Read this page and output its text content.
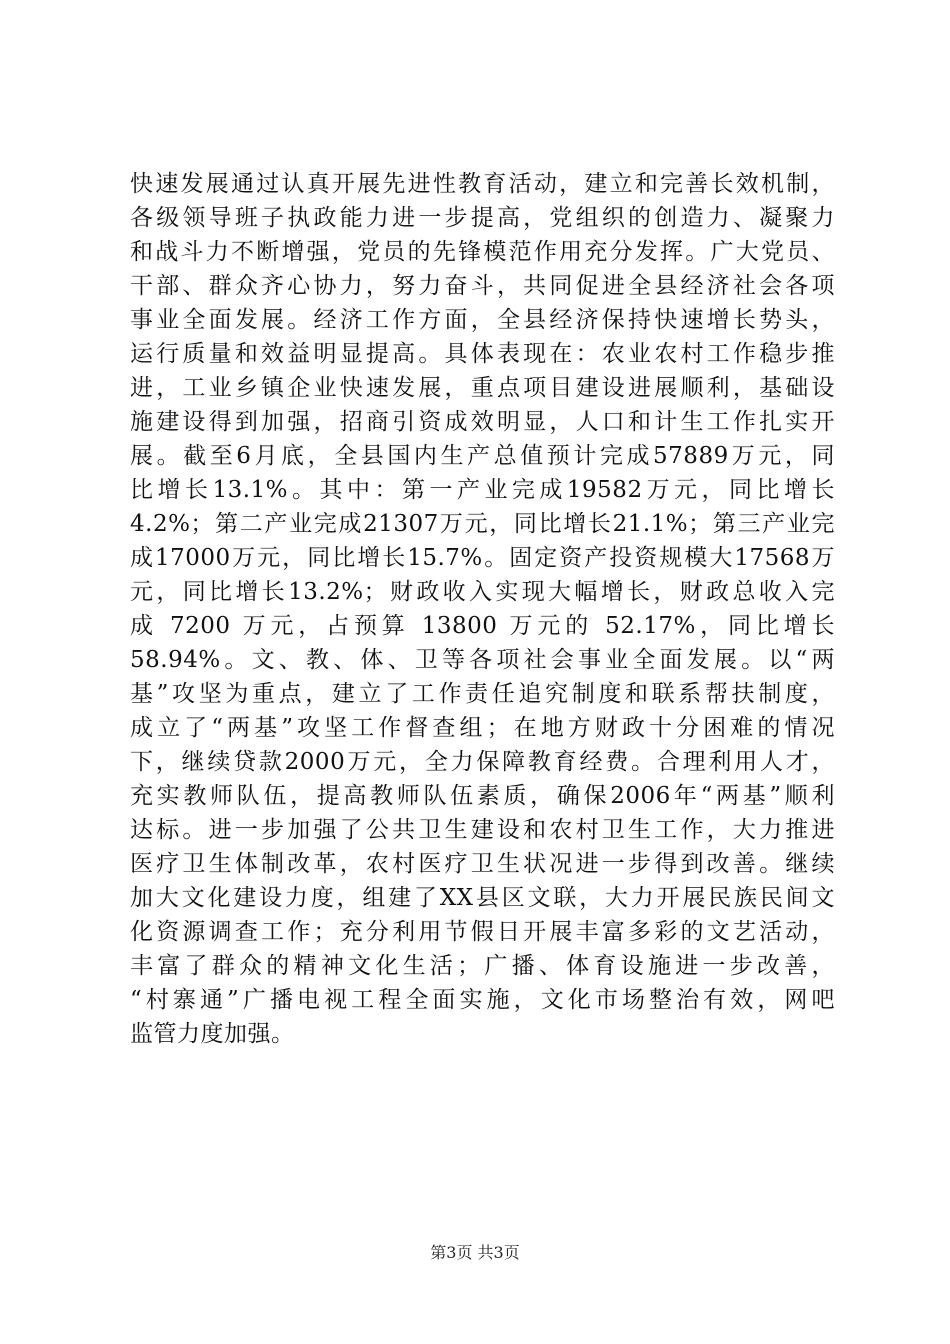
快速发展通过认真开展先进性教育活动，建立和完善长效机制，
各级领导班子执政能力进一步提高，党组织的创造力、凝聚力
和战斗力不断增强，党员的先锋模范作用充分发挥。广大党员、
干部、群众齐心协力，努力奋斗，共同促进全县经济社会各项
事业全面发展。经济工作方面，全县经济保持快速增长势头，
运行质量和效益明显提高。具体表现在：农业农村工作稳步推
进，工业乡镇企业快速发展，重点项目建设进展顺利，基础设
施建设得到加强，招商引资成效明显，人口和计生工作扎实开
展。截至6月底，全县国内生产总值预计完成57889万元，同
比增长13.1%。其中：第一产业完成19582万元，同比增长
4.2%；第二产业完成21307万元，同比增长21.1%；第三产业完
成17000万元，同比增长15.7%。固定资产投资规模大17568万
元，同比增长13.2%；财政收入实现大幅增长，财政总收入完
成 7200 万元，占预算 13800 万元的 52.17%，同比增长
58.94%。文、教、体、卫等各项社会事业全面发展。以“两
基”攻坚为重点，建立了工作责任追究制度和联系帮扶制度，
成立了“两基”攻坚工作督查组；在地方财政十分困难的情况
下，继续贷款2000万元，全力保障教育经费。合理利用人才，
充实教师队伍，提高教师队伍素质，确保2006年“两基”顺利
达标。进一步加强了公共卫生建设和农村卫生工作，大力推进
医疗卫生体制改革，农村医疗卫生状况进一步得到改善。继续
加大文化建设力度，组建了XX县区文联，大力开展民族民间文
化资源调查工作；充分利用节假日开展丰富多彩的文艺活动，
丰富了群众的精神文化生活；广播、体育设施进一步改善，
“村寨通”广播电视工程全面实施，文化市场整治有效，网吧
监管力度加强。
第3页 共3页
